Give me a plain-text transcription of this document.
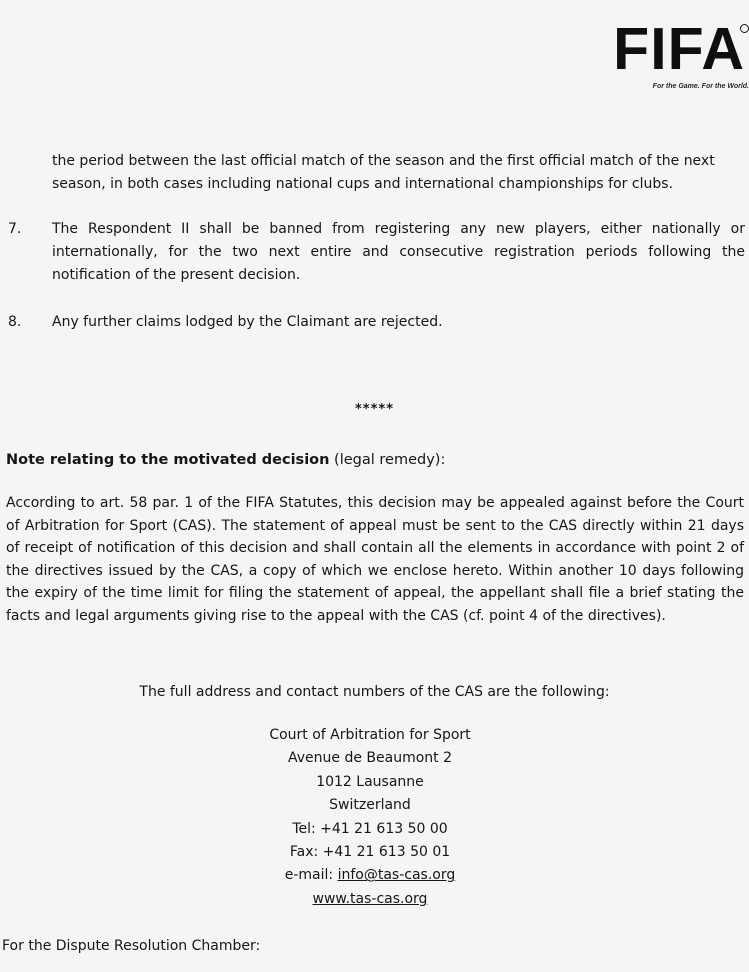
FIFA
For the Game. For the World.

the period between the last official match of the season and the first official match of the next season, in both cases including national cups and international championships for clubs.

7. The Respondent II shall be banned from registering any new players, either nationally or internationally, for the two next entire and consecutive registration periods following the notification of the present decision.

8. Any further claims lodged by the Claimant are rejected.

*****

Note relating to the motivated decision (legal remedy):

According to art. 58 par. 1 of the FIFA Statutes, this decision may be appealed against before the Court of Arbitration for Sport (CAS). The statement of appeal must be sent to the CAS directly within 21 days of receipt of notification of this decision and shall contain all the elements in accordance with point 2 of the directives issued by the CAS, a copy of which we enclose hereto. Within another 10 days following the expiry of the time limit for filing the statement of appeal, the appellant shall file a brief stating the facts and legal arguments giving rise to the appeal with the CAS (cf. point 4 of the directives).

The full address and contact numbers of the CAS are the following:

Court of Arbitration for Sport
Avenue de Beaumont 2
1012 Lausanne
Switzerland
Tel: +41 21 613 50 00
Fax: +41 21 613 50 01
e-mail: info@tas-cas.org
www.tas-cas.org

For the Dispute Resolution Chamber:
